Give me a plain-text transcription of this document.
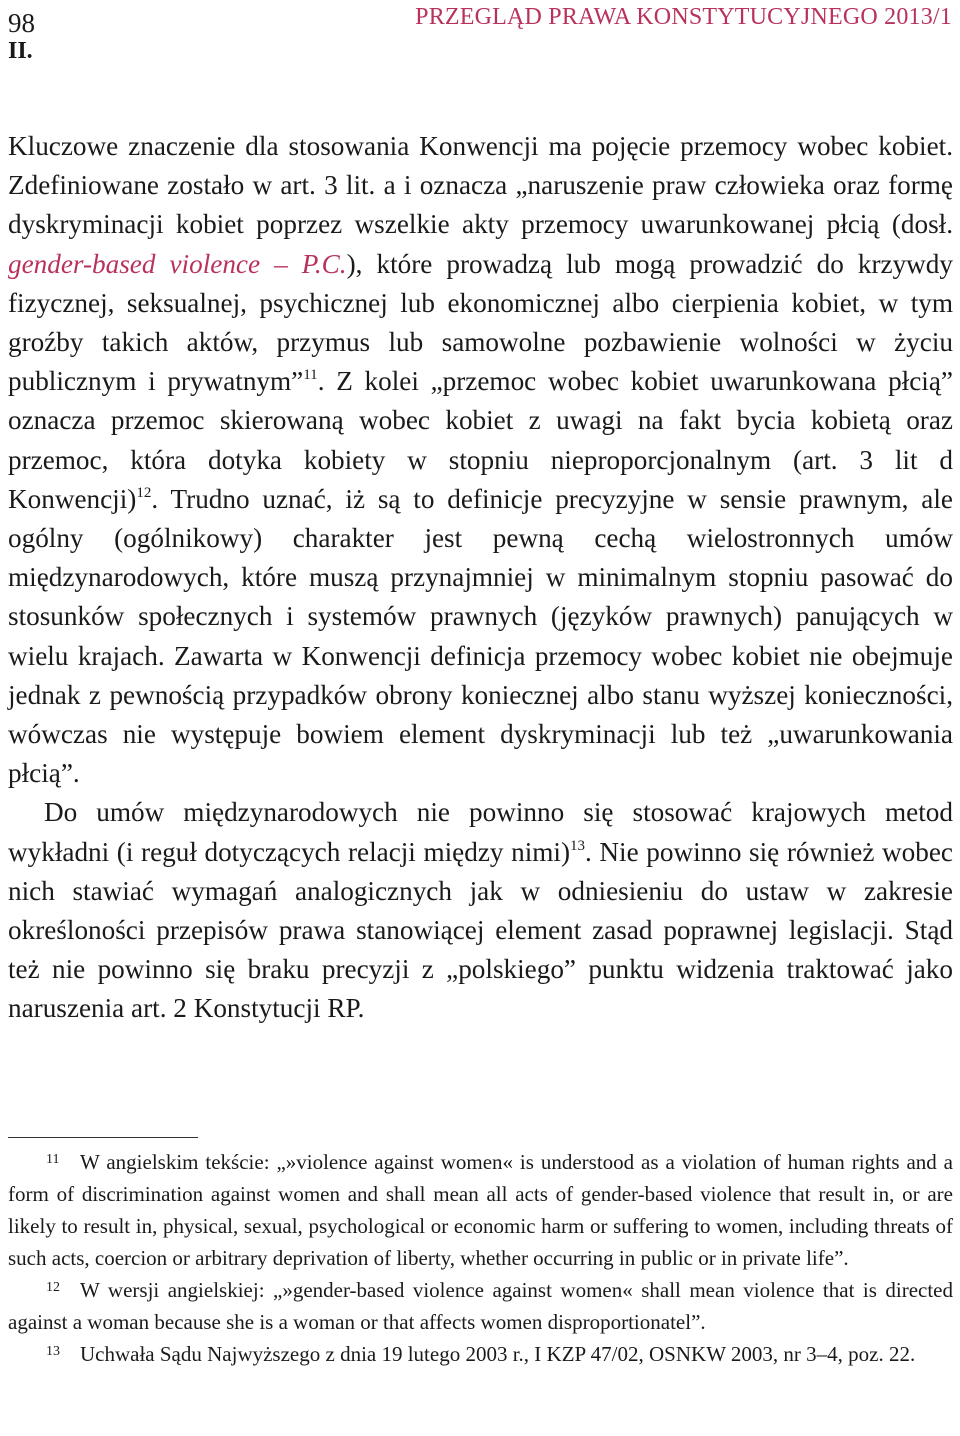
98	PRZEGLĄD PRAWA KONSTYTUCYJNEGO 2013/1
II.

Kluczowe znaczenie dla stosowania Konwencji ma pojęcie przemocy wobec kobiet. Zdefiniowane zostało w art. 3 lit. a i oznacza „naruszenie praw człowieka oraz formę dyskryminacji kobiet poprzez wszelkie akty przemocy uwarunkowanej płcią (dosł. gender-based violence – P.C.), które prowadzą lub mogą prowadzić do krzywdy fizycznej, seksualnej, psychicznej lub ekonomicznej albo cierpienia kobiet, w tym groźby takich aktów, przymus lub samowolne pozbawienie wolności w życiu publicznym i prywatnym”$^{11}$. Z kolei „przemoc wobec kobiet uwarunkowana płcią” oznacza przemoc skierowaną wobec kobiet z uwagi na fakt bycia kobietą oraz przemoc, która dotyka kobiety w stopniu nieproporcjonalnym (art. 3 lit d Konwencji)$^{12}$. Trudno uznać, iż są to definicje precyzyjne w sensie prawnym, ale ogólny (ogólnikowy) charakter jest pewną cechą wielostronnych umów międzynarodowych, które muszą przynajmniej w minimalnym stopniu pasować do stosunków społecznych i systemów prawnych (języków prawnych) panujących w wielu krajach. Zawarta w Konwencji definicja przemocy wobec kobiet nie obejmuje jednak z pewnością przypadków obrony koniecznej albo stanu wyższej konieczności, wówczas nie występuje bowiem element dyskryminacji lub też „uwarunkowania płcią”.

Do umów międzynarodowych nie powinno się stosować krajowych metod wykładni (i reguł dotyczących relacji między nimi)$^{13}$. Nie powinno się również wobec nich stawiać wymagań analogicznych jak w odniesieniu do ustaw w zakresie określoności przepisów prawa stanowiącej element zasad poprawnej legislacji. Stąd też nie powinno się braku precyzji z „polskiego” punktu widzenia traktować jako naruszenia art. 2 Konstytucji RP.

11 W angielskim tekście: „»violence against women« is understood as a violation of human rights and a form of discrimination against women and shall mean all acts of gender-based violence that result in, or are likely to result in, physical, sexual, psychological or economic harm or suffering to women, including threats of such acts, coercion or arbitrary deprivation of liberty, whether occurring in public or in private life”.

12 W wersji angielskiej: „»gender-based violence against women« shall mean violence that is directed against a woman because she is a woman or that affects women disproportionatel”.

13 Uchwała Sądu Najwyższego z dnia 19 lutego 2003 r., I KZP 47/02, OSNKW 2003, nr 3–4, poz. 22.
